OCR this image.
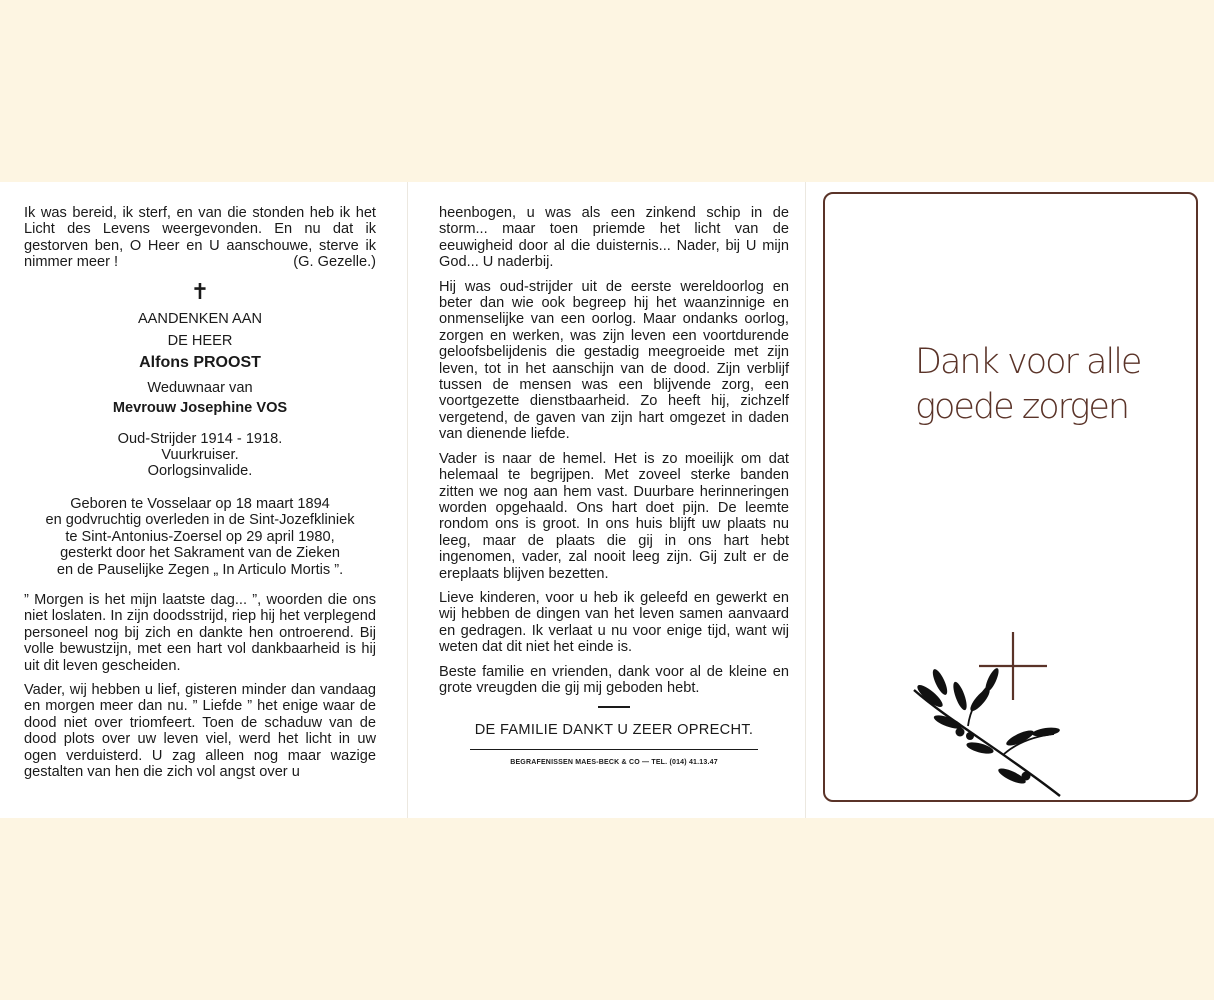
Ik was bereid, ik sterf, en van die stonden heb ik het Licht des Levens weergevonden. En nu dat ik gestorven ben, O Heer en U aanschouwe, sterve ik nimmer meer !	(G. Gezelle.)
✝

AANDENKEN AAN

DE HEER

Alfons PROOST

Weduwnaar van

Mevrouw Josephine VOS

Oud-Strijder 1914 - 1918.

Vuurkruiser.

Oorlogsinvalide.

Geboren te Vosselaar op 18 maart 1894

en godvruchtig overleden in de Sint-Jozefkliniek

te Sint-Antonius-Zoersel op 29 april 1980,

gesterkt door het Sakrament van de Zieken

en de Pauselijke Zegen „ In Articulo Mortis ”.

” Morgen is het mijn laatste dag... ”, woorden die ons niet loslaten. In zijn doodsstrijd, riep hij het verplegend personeel nog bij zich en dankte hen ontroerend. Bij volle bewustzijn, met een hart vol dankbaarheid is hij uit dit leven gescheiden.

Vader, wij hebben u lief, gisteren minder dan vandaag en morgen meer dan nu. ” Liefde ” het enige waar de dood niet over triomfeert. Toen de schaduw van de dood plots over uw leven viel, werd het licht in uw ogen verduisterd. U zag alleen nog maar wazige gestalten van hen die zich vol angst over u

heenbogen, u was als een zinkend schip in de storm... maar toen priemde het licht van de eeuwigheid door al die duisternis... Nader, bij U mijn God... U naderbij.

Hij was oud-strijder uit de eerste wereldoorlog en beter dan wie ook begreep hij het waanzinnige en onmenselijke van een oorlog. Maar ondanks oorlog, zorgen en werken, was zijn leven een voortdurende geloofsbelijdenis die gestadig meegroeide met zijn leven, tot in het aanschijn van de dood. Zijn verblijf tussen de mensen was een blijvende zorg, een voortgezette dienstbaarheid. Zo heeft hij, zichzelf vergetend, de gaven van zijn hart omgezet in daden van dienende liefde.

Vader is naar de hemel. Het is zo moeilijk om dat helemaal te begrijpen. Met zoveel sterke banden zitten we nog aan hem vast. Duurbare herinneringen worden opgehaald. Ons hart doet pijn. De leemte rondom ons is groot. In ons huis blijft uw plaats nu leeg, maar de plaats die gij in ons hart hebt ingenomen, vader, zal nooit leeg zijn. Gij zult er de ereplaats blijven bezetten.

Lieve kinderen, voor u heb ik geleefd en gewerkt en wij hebben de dingen van het leven samen aanvaard en gedragen. Ik verlaat u nu voor enige tijd, want wij weten dat dit niet het einde is.

Beste familie en vrienden, dank voor al de kleine en grote vreugden die gij mij geboden hebt.

DE FAMILIE DANKT U ZEER OPRECHT.

BEGRAFENISSEN MAES-BECK & CO — TEL. (014) 41.13.47

Dank voor alle
goede zorgen
